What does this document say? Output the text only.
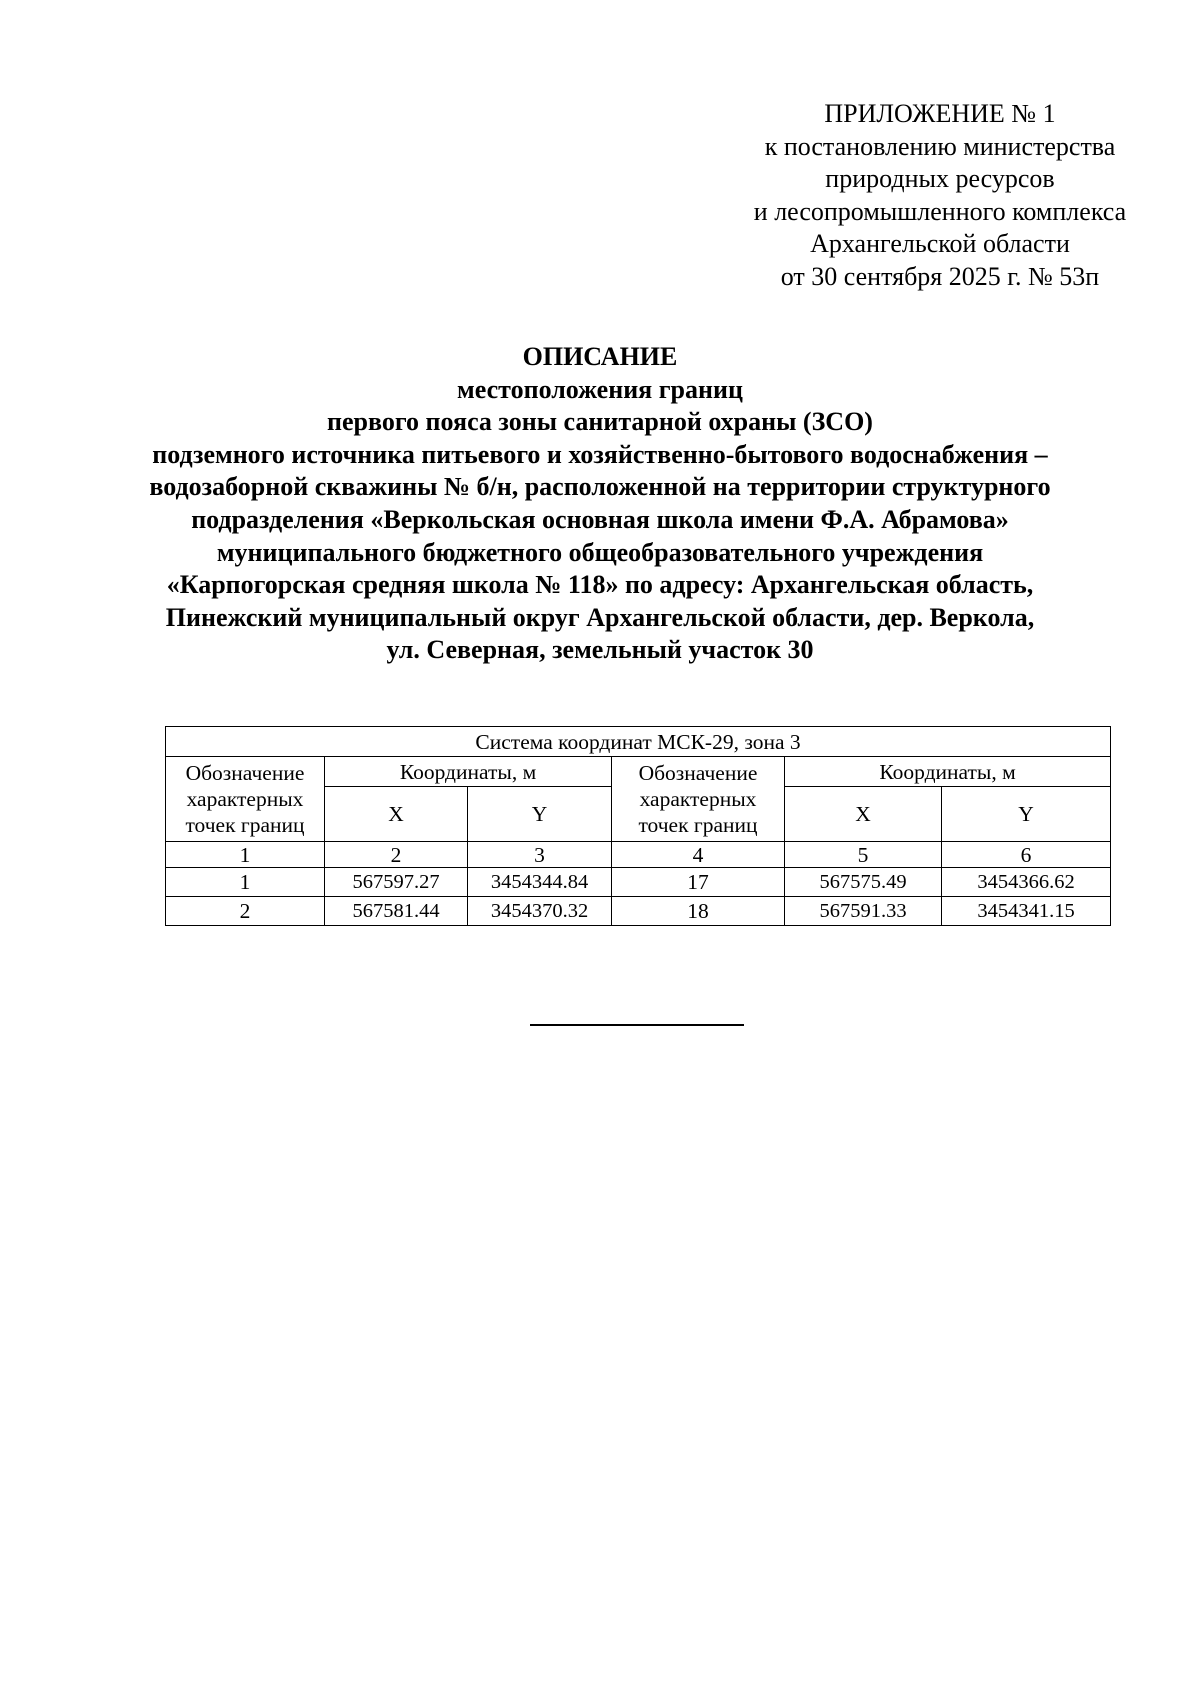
ПРИЛОЖЕНИЕ № 1
к постановлению министерства
природных ресурсов
и лесопромышленного комплекса
Архангельской области
от 30 сентября 2025 г. № 53п
ОПИСАНИЕ
местоположения границ
первого пояса зоны санитарной охраны (ЗСО)
подземного источника питьевого и хозяйственно-бытового водоснабжения –
водозаборной скважины № б/н, расположенной на территории структурного
подразделения «Веркольская основная школа имени Ф.А. Абрамова»
муниципального бюджетного общеобразовательного учреждения
«Карпогорская средняя школа № 118» по адресу: Архангельская область,
Пинежский муниципальный округ Архангельской области, дер. Веркола,
ул. Северная, земельный участок 30
Система координат МСК-29, зона 3					
Обозначение характерных точек границ	Координаты, м		Обозначение характерных точек границ	Координаты, м	
	X	Y		X	Y
1	2	3	4	5	6
1	567597.27	3454344.84	17	567575.49	3454366.62
2	567581.44	3454370.32	18	567591.33	3454341.15
